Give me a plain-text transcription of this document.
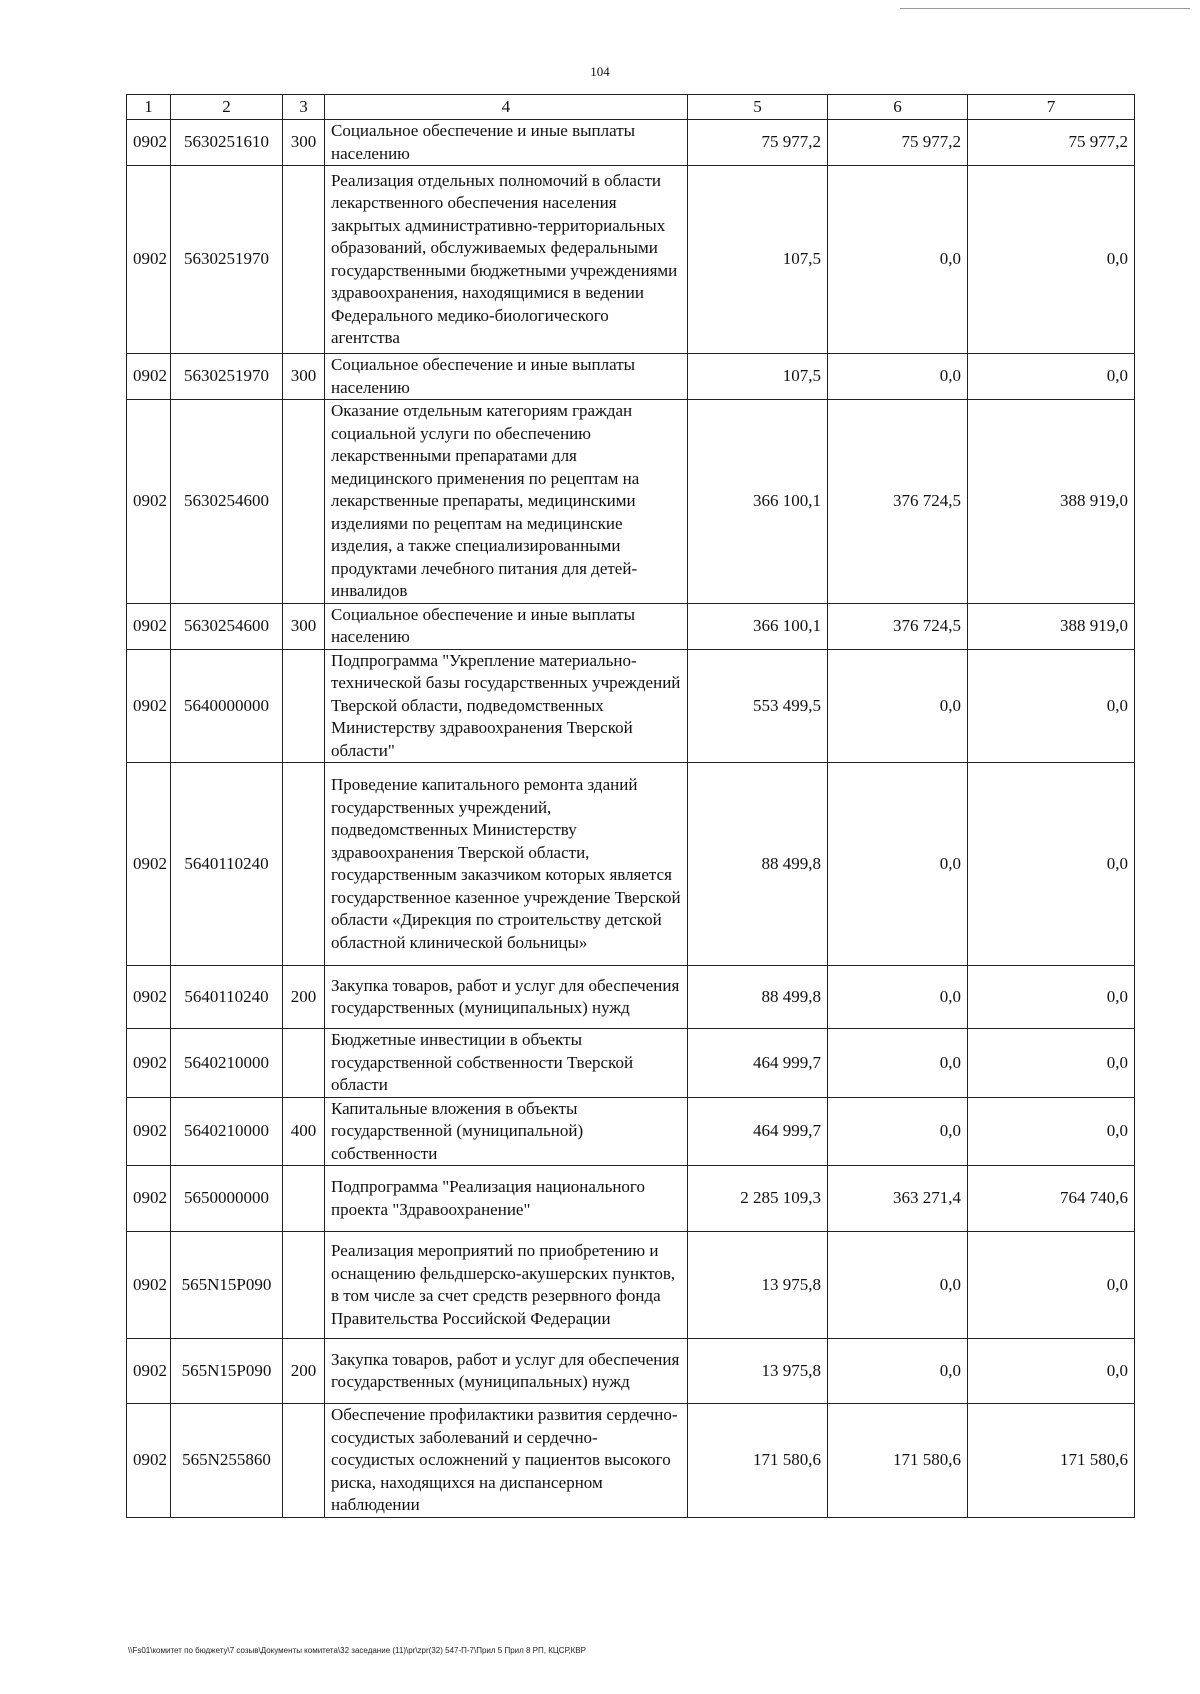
104
1	2	3	4	5	6	7
0902	5630251610	300	Социальное обеспечение и иные выплаты населению	75 977,2	75 977,2	75 977,2
0902	5630251970		Реализация отдельных полномочий в области лекарственного обеспечения населения закрытых административно-территориальных образований, обслуживаемых федеральными государственными бюджетными учреждениями здравоохранения, находящимися в ведении Федерального медико-биологического агентства	107,5	0,0	0,0
0902	5630251970	300	Социальное обеспечение и иные выплаты населению	107,5	0,0	0,0
0902	5630254600		Оказание отдельным категориям граждан социальной услуги по обеспечению лекарственными препаратами для медицинского применения по рецептам на лекарственные препараты, медицинскими изделиями по рецептам на медицинские изделия, а также специализированными продуктами лечебного питания для детей-инвалидов	366 100,1	376 724,5	388 919,0
0902	5630254600	300	Социальное обеспечение и иные выплаты населению	366 100,1	376 724,5	388 919,0
0902	5640000000		Подпрограмма "Укрепление материально-технической базы государственных учреждений Тверской области, подведомственных Министерству здравоохранения Тверской области"	553 499,5	0,0	0,0
0902	5640110240		Проведение капитального ремонта зданий государственных учреждений, подведомственных Министерству здравоохранения Тверской области, государственным заказчиком которых является государственное казенное учреждение Тверской области «Дирекция по строительству детской областной клинической больницы»	88 499,8	0,0	0,0
0902	5640110240	200	Закупка товаров, работ и услуг для обеспечения государственных (муниципальных) нужд	88 499,8	0,0	0,0
0902	5640210000		Бюджетные инвестиции в объекты государственной собственности Тверской области	464 999,7	0,0	0,0
0902	5640210000	400	Капитальные вложения в объекты государственной (муниципальной) собственности	464 999,7	0,0	0,0
0902	5650000000		Подпрограмма "Реализация национального проекта "Здравоохранение"	2 285 109,3	363 271,4	764 740,6
0902	565N15P090		Реализация мероприятий по приобретению и оснащению фельдшерско-акушерских пунктов, в том числе за счет средств резервного фонда Правительства Российской Федерации	13 975,8	0,0	0,0
0902	565N15P090	200	Закупка товаров, работ и услуг для обеспечения государственных (муниципальных) нужд	13 975,8	0,0	0,0
0902	565N255860		Обеспечение профилактики развития сердечно-сосудистых заболеваний и сердечно-сосудистых осложнений у пациентов высокого риска, находящихся на диспансерном наблюдении	171 580,6	171 580,6	171 580,6
\\Fs01\комитет по бюджету\7 созыв\Документы комитета\32 заседание (11)\pr\zpr(32) 547-П-7\Прил 5 Прил 8 РП, КЦСР,КВР
